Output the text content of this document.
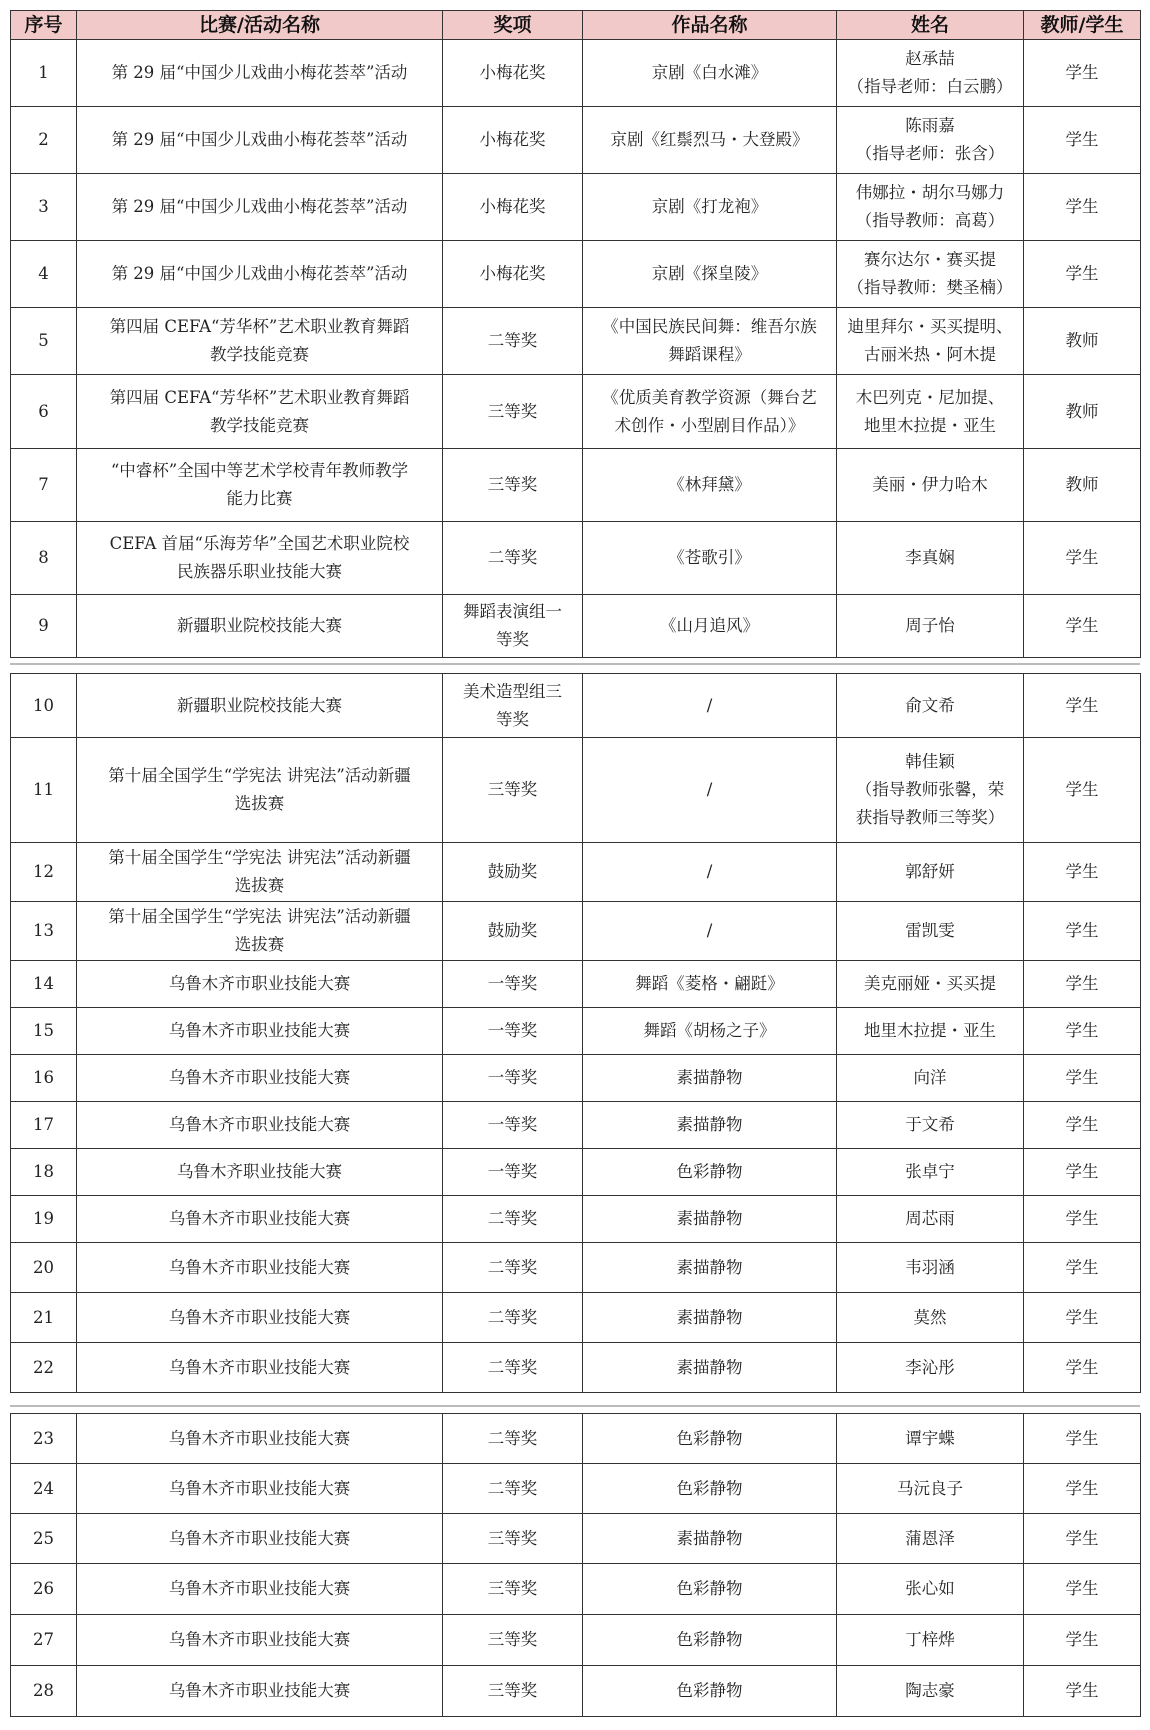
序号	比赛/活动名称	奖项	作品名称	姓名	教师/学生

1	第 29 届“中国少儿戏曲小梅花荟萃”活动	小梅花奖	京剧《白水滩》	赵承喆
（指导老师：白云鹏）	学生

2	第 29 届“中国少儿戏曲小梅花荟萃”活动	小梅花奖	京剧《红鬃烈马・大登殿》	陈雨嘉
（指导老师：张含）	学生

3	第 29 届“中国少儿戏曲小梅花荟萃”活动	小梅花奖	京剧《打龙袍》	伟娜拉・胡尔马娜力
（指导教师：高葛）	学生

4	第 29 届“中国少儿戏曲小梅花荟萃”活动	小梅花奖	京剧《探皇陵》	赛尔达尔・赛买提
（指导教师：樊圣楠）	学生

5	第四届 CEFA“芳华杯”艺术职业教育舞蹈
教学技能竞赛	二等奖	《中国民族民间舞：维吾尔族
舞蹈课程》	迪里拜尔・买买提明、
古丽米热・阿木提	教师

6	第四届 CEFA“芳华杯”艺术职业教育舞蹈
教学技能竞赛	三等奖	《优质美育教学资源（舞台艺
术创作・小型剧目作品）》	木巴列克・尼加提、
地里木拉提・亚生	教师

7	“中睿杯”全国中等艺术学校青年教师教学
能力比赛	三等奖	《林拜黛》	美丽・伊力哈木	教师

8	CEFA 首届“乐海芳华”全国艺术职业院校
民族器乐职业技能大赛	二等奖	《苍歌引》	李真娴	学生

9	新疆职业院校技能大赛	舞蹈表演组一
等奖	《山月追风》	周子怡	学生
10	新疆职业院校技能大赛	美术造型组三
等奖	/	俞文希	学生

11	第十届全国学生“学宪法 讲宪法”活动新疆
选拔赛	三等奖	/	韩佳颖
（指导教师张馨，荣
获指导教师三等奖）	学生

12	第十届全国学生“学宪法 讲宪法”活动新疆
选拔赛	鼓励奖	/	郭舒妍	学生

13	第十届全国学生“学宪法 讲宪法”活动新疆
选拔赛	鼓励奖	/	雷凯雯	学生

14	乌鲁木齐市职业技能大赛	一等奖	舞蹈《菱格・翩跹》	美克丽娅・买买提	学生

15	乌鲁木齐市职业技能大赛	一等奖	舞蹈《胡杨之子》	地里木拉提・亚生	学生

16	乌鲁木齐市职业技能大赛	一等奖	素描静物	向洋	学生

17	乌鲁木齐市职业技能大赛	一等奖	素描静物	于文希	学生

18	乌鲁木齐职业技能大赛	一等奖	色彩静物	张卓宁	学生

19	乌鲁木齐市职业技能大赛	二等奖	素描静物	周芯雨	学生

20	乌鲁木齐市职业技能大赛	二等奖	素描静物	韦羽涵	学生

21	乌鲁木齐市职业技能大赛	二等奖	素描静物	莫然	学生

22	乌鲁木齐市职业技能大赛	二等奖	素描静物	李沁彤	学生
23	乌鲁木齐市职业技能大赛	二等奖	色彩静物	谭宇蝶	学生

24	乌鲁木齐市职业技能大赛	二等奖	色彩静物	马沅良子	学生

25	乌鲁木齐市职业技能大赛	三等奖	素描静物	蒲恩泽	学生

26	乌鲁木齐市职业技能大赛	三等奖	色彩静物	张心如	学生

27	乌鲁木齐市职业技能大赛	三等奖	色彩静物	丁梓烨	学生

28	乌鲁木齐市职业技能大赛	三等奖	色彩静物	陶志豪	学生
